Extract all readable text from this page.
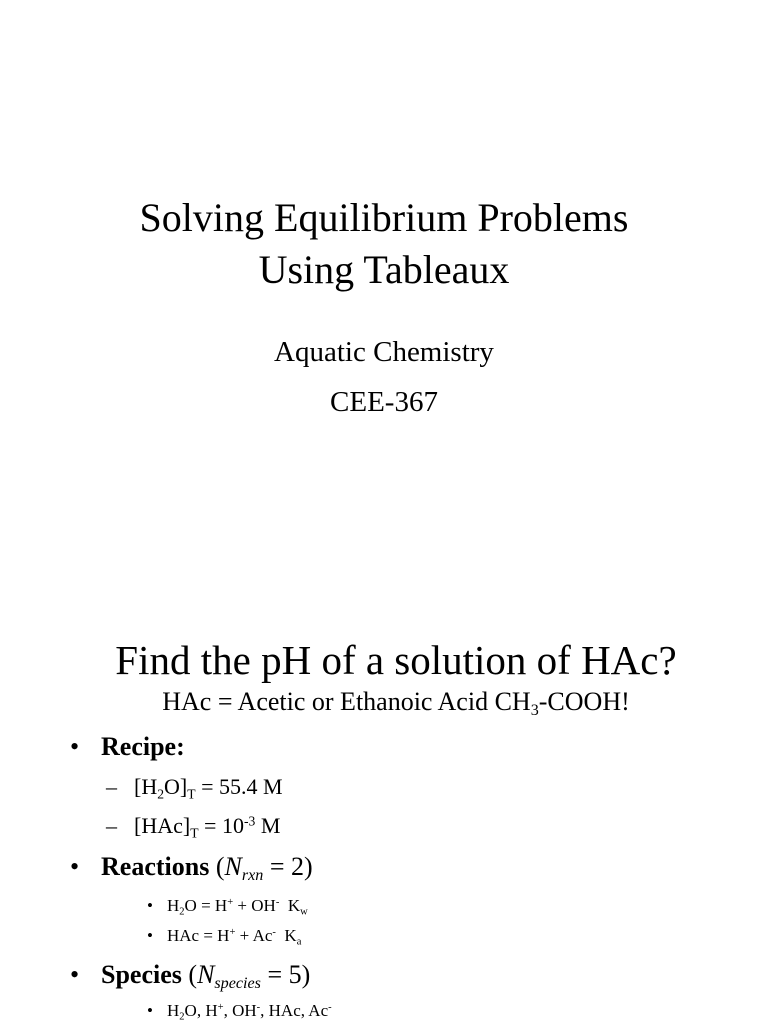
Solving Equilibrium Problems
Using Tableaux
Aquatic Chemistry
CEE-367
Find the pH of a solution of HAc?
HAc = Acetic or Ethanoic Acid $CH_3$-COOH!
• Recipe:
– $[H_2O]_T = 55.4$ M
– $[HAc]_T = 10^{-3}$ M
• Reactions $(N_{rxn} = 2)$
• $H_2O = H^+ + OH^-$  $K_w$
• HAc = H+ + Ac-  $K_a$
• Species $(N_{species} = 5)$
• $H_2O$, H+, OH-, HAc, Ac-
